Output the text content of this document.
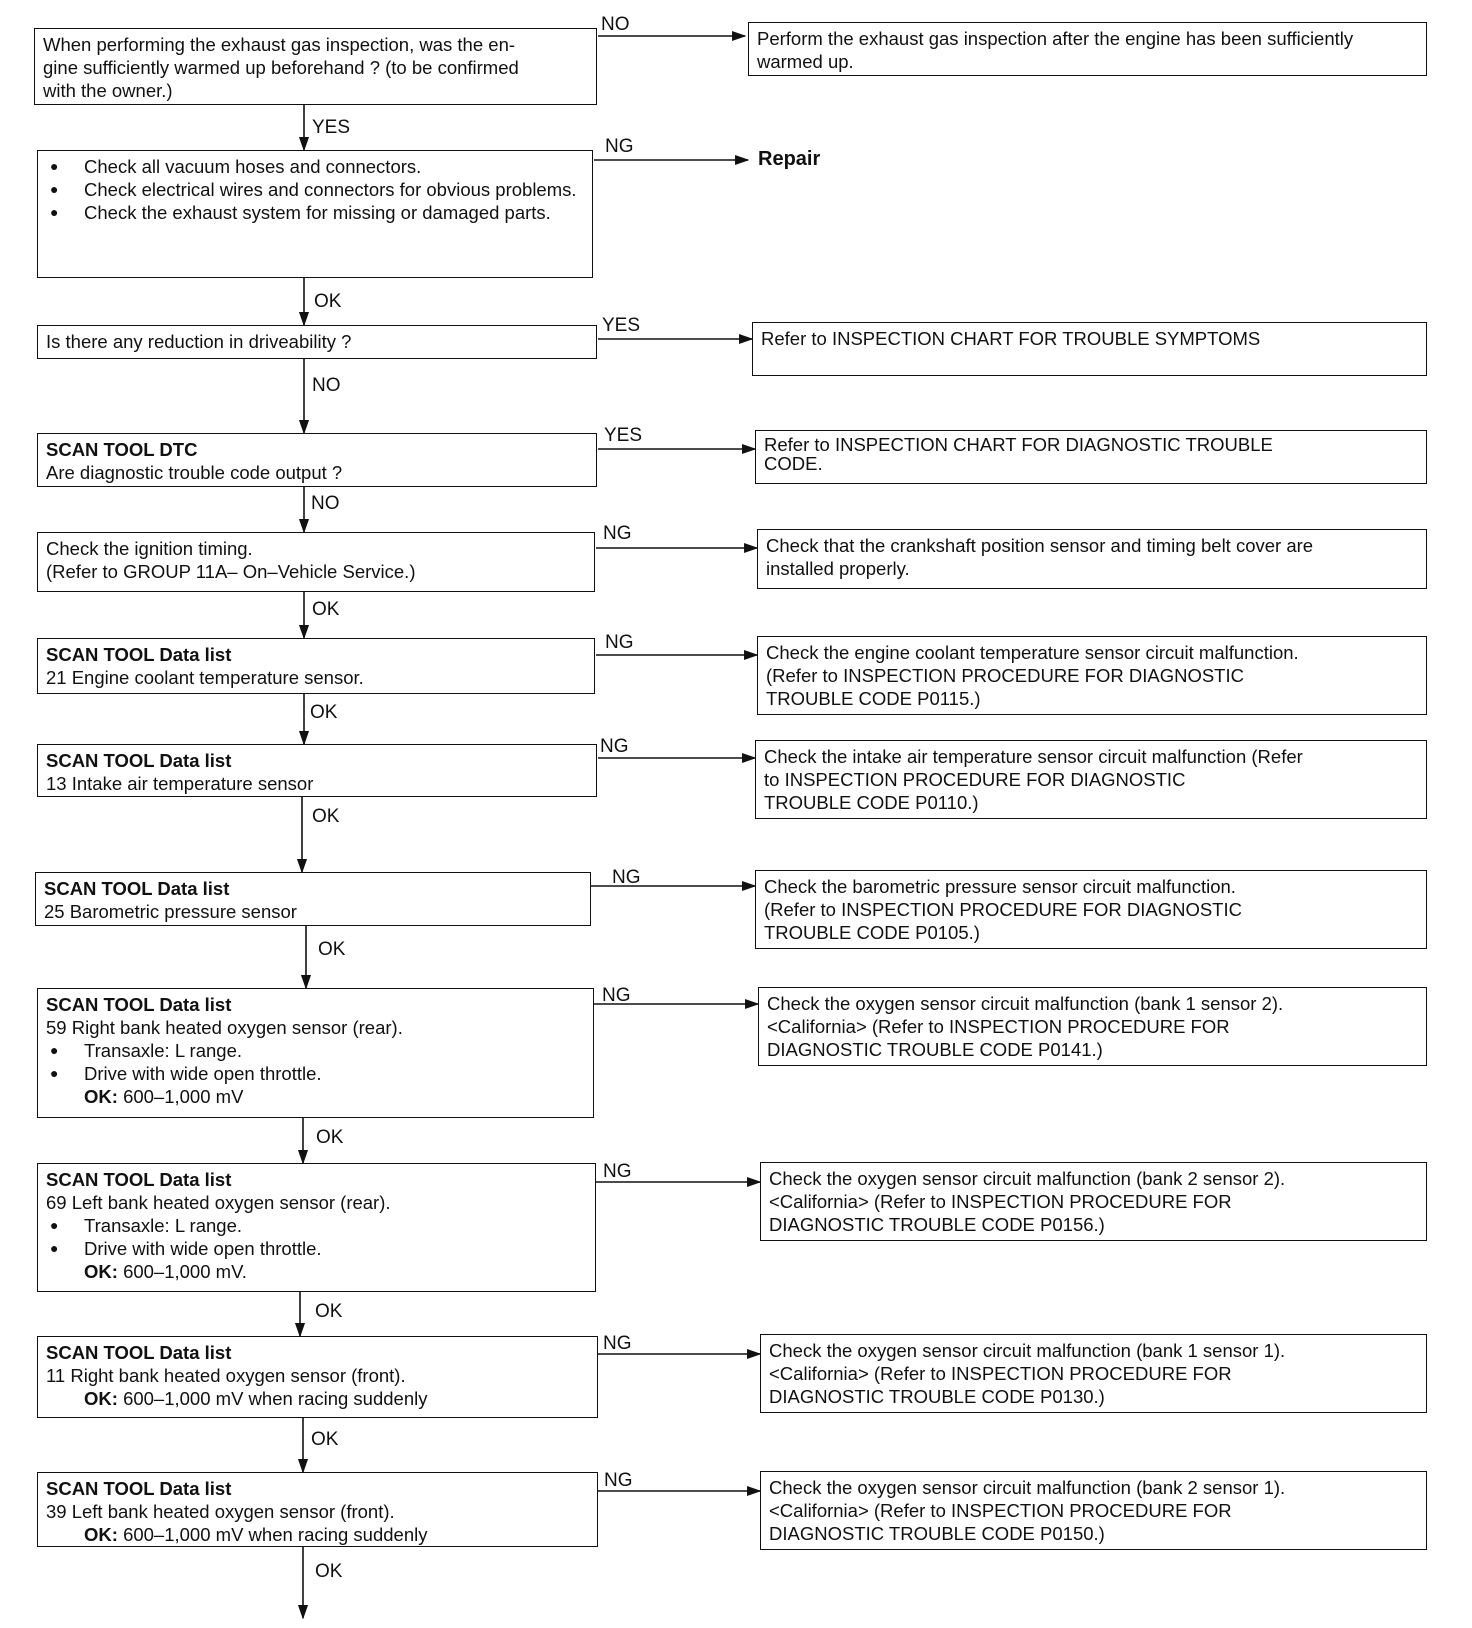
NO
NG
YES
YES
NG
NG
NG
NG
NG
NG
NG
NG
YES
OK
NO
NO
OK
OK
OK
OK
OK
OK
OK
OK
When performing the exhaust gas inspection, was the en-
gine sufficiently warmed up beforehand ? (to be confirmed
with the owner.)
Perform the exhaust gas inspection after the engine has been sufficiently
warmed up.
● Check all vacuum hoses and connectors.
● Check electrical wires and connectors for obvious problems.
● Check the exhaust system for missing or damaged parts.
Repair
Is there any reduction in driveability ?	Refer to INSPECTION CHART FOR TROUBLE SYMPTOMS
SCAN TOOL DTC
Are diagnostic trouble code output ?
Refer to INSPECTION CHART FOR DIAGNOSTIC TROUBLE
CODE.
Check the ignition timing.
(Refer to GROUP 11A– On–Vehicle Service.)
Check that the crankshaft position sensor and timing belt cover are
installed properly.
SCAN TOOL Data list
21 Engine coolant temperature sensor.
Check the engine coolant temperature sensor circuit malfunction.
(Refer to INSPECTION PROCEDURE FOR DIAGNOSTIC
TROUBLE CODE P0115.)
SCAN TOOL Data list
13 Intake air temperature sensor
Check the intake air temperature sensor circuit malfunction (Refer
to INSPECTION PROCEDURE FOR DIAGNOSTIC
TROUBLE CODE P0110.)
SCAN TOOL Data list
25 Barometric pressure sensor
Check the barometric pressure sensor circuit malfunction.
(Refer to INSPECTION PROCEDURE FOR DIAGNOSTIC
TROUBLE CODE P0105.)
SCAN TOOL Data list
59 Right bank heated oxygen sensor (rear).
● Transaxle: L range.
● Drive with wide open throttle.
OK: 600–1,000 mV
Check the oxygen sensor circuit malfunction (bank 1 sensor 2).
<California> (Refer to INSPECTION PROCEDURE FOR
DIAGNOSTIC TROUBLE CODE P0141.)
SCAN TOOL Data list
69 Left bank heated oxygen sensor (rear).
● Transaxle: L range.
● Drive with wide open throttle.
OK: 600–1,000 mV.
Check the oxygen sensor circuit malfunction (bank 2 sensor 2).
<California> (Refer to INSPECTION PROCEDURE FOR
DIAGNOSTIC TROUBLE CODE P0156.)
SCAN TOOL Data list
11 Right bank heated oxygen sensor (front).
OK: 600–1,000 mV when racing suddenly
Check the oxygen sensor circuit malfunction (bank 1 sensor 1).
<California> (Refer to INSPECTION PROCEDURE FOR
DIAGNOSTIC TROUBLE CODE P0130.)
SCAN TOOL Data list
39 Left bank heated oxygen sensor (front).
OK: 600–1,000 mV when racing suddenly
Check the oxygen sensor circuit malfunction (bank 2 sensor 1).
<California> (Refer to INSPECTION PROCEDURE FOR
DIAGNOSTIC TROUBLE CODE P0150.)
